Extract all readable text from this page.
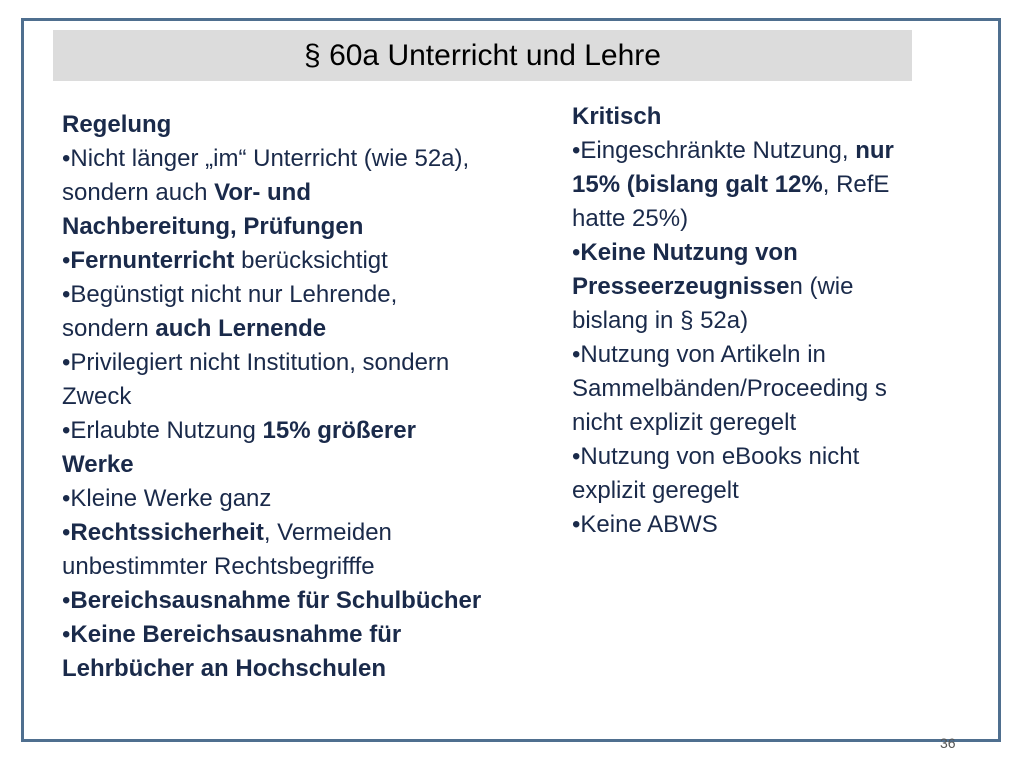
§ 60a Unterricht und Lehre
Regelung
•Nicht länger „im“ Unterricht (wie 52a), sondern auch Vor- und Nachbereitung, Prüfungen
•Fernunterricht berücksichtigt
•Begünstigt nicht nur Lehrende, sondern auch Lernende
•Privilegiert nicht Institution, sondern Zweck
•Erlaubte Nutzung 15% größerer Werke
•Kleine Werke ganz
•Rechtssicherheit, Vermeiden unbestimmter Rechtsbegrifffe
•Bereichsausnahme für Schulbücher
•Keine Bereichsausnahme für Lehrbücher an Hochschulen
Kritisch
•Eingeschränkte Nutzung, nur 15% (bislang galt 12%, RefE hatte 25%)
•Keine Nutzung von Presseerzeugnissen (wie bislang in § 52a)
•Nutzung von Artikeln in Sammelbänden/Proceeding s nicht explizit geregelt
•Nutzung von eBooks nicht explizit geregelt
•Keine ABWS
36
